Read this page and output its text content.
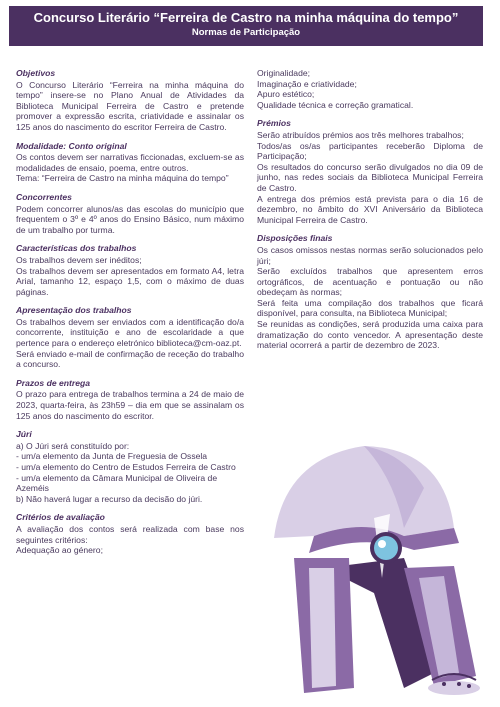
Concurso Literário “Ferreira de Castro na minha máquina do tempo”
Normas de Participação
Objetivos

O Concurso Literário “Ferreira na minha máquina do tempo” insere-se no Plano Anual de Atividades da Biblioteca Municipal Ferreira de Castro e pretende promover a expressão escrita, criatividade e assinalar os 125 anos do nascimento do escritor Ferreira de Castro.

Modalidade: Conto original

Os contos devem ser narrativas ficcionadas, excluem-se as modalidades de ensaio, poema, entre outros.

Tema: “Ferreira de Castro na minha máquina do tempo”

Concorrentes

Podem concorrer alunos/as das escolas do município que frequentem o 3º e 4º anos do Ensino Básico, num máximo de um trabalho por turma.

Características dos trabalhos

Os trabalhos devem ser inéditos;

Os trabalhos devem ser apresentados em formato A4, letra Arial, tamanho 12, espaço 1,5, com o máximo de duas páginas.

Apresentação dos trabalhos

Os trabalhos devem ser enviados com a identificação do/a concorrente, instituição e ano de escolaridade a que pertence para o endereço eletrónico biblioteca@cm-oaz.pt.

Será enviado e-mail de confirmação de receção do trabalho a concurso.

Prazos de entrega

O prazo para entrega de trabalhos termina a 24 de maio de 2023, quarta-feira, às 23h59 – dia em que se assinalam os 125 anos do nascimento do escritor.

Júri

a) O Júri será constituído por:

- um/a elemento da Junta de Freguesia de Ossela

- um/a elemento do Centro de Estudos Ferreira de Castro

- um/a elemento da Câmara Municipal de Oliveira de Azeméis

b) Não haverá lugar a recurso da decisão do júri.

Critérios de avaliação

A avaliação dos contos será realizada com base nos seguintes critérios:

Adequação ao género;

Originalidade;

Imaginação e criatividade;

Apuro estético;

Qualidade técnica e correção gramatical.

Prémios

Serão atribuídos prémios aos três melhores trabalhos;

Todos/as os/as participantes receberão Diploma de Participação;

Os resultados do concurso serão divulgados no dia 09 de junho, nas redes sociais da Biblioteca Municipal Ferreira de Castro.

A entrega dos prémios está prevista para o dia 16 de dezembro, no âmbito do XVI Aniversário da Biblioteca Municipal Ferreira de Castro.

Disposições finais

Os casos omissos nestas normas serão solucionados pelo júri;

Serão excluídos trabalhos que apresentem erros ortográficos, de acentuação e pontuação ou não obedeçam às normas;

Será feita uma compilação dos trabalhos que ficará disponível, para consulta, na Biblioteca Municipal;

Se reunidas as condições, será produzida uma caixa para dramatização do conto vencedor. A apresentação deste material ocorrerá a partir de dezembro de 2023.
